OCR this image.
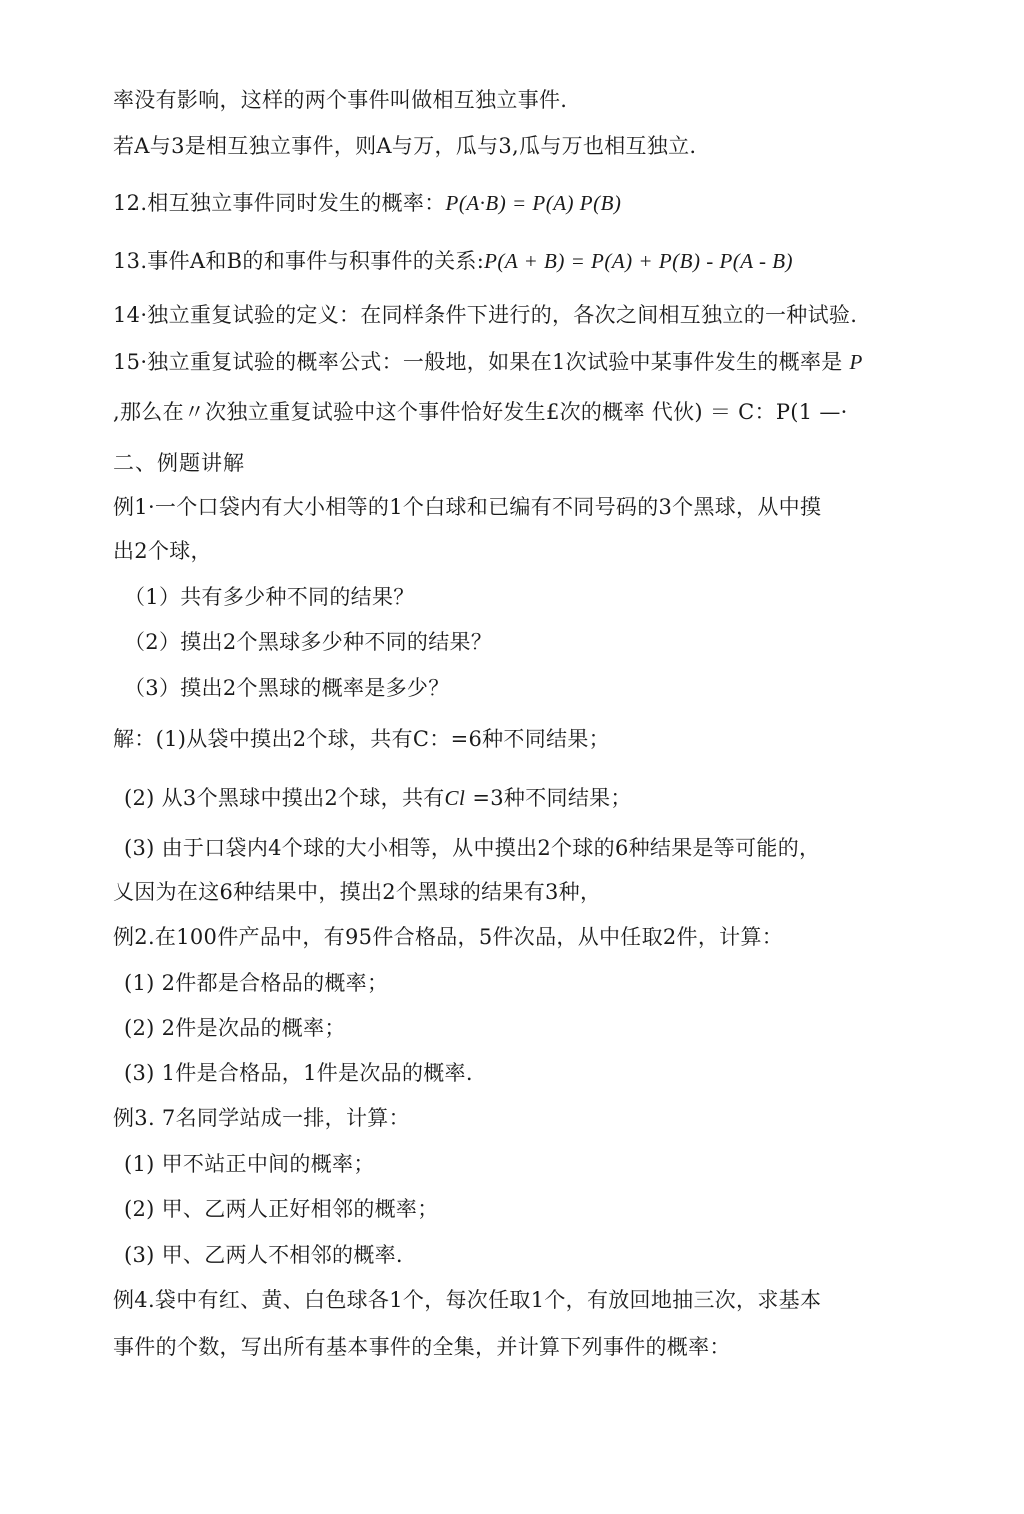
率没有影响，这样的两个事件叫做相互独立事件.
若A与3是相互独立事件，则A与万，瓜与3,瓜与万也相互独立.
12.相互独立事件同时发生的概率：P(A·B) = P(A) P(B)
13.事件A和B的和事件与积事件的关系:P(A + B) = P(A) + P(B) - P(A - B)
14·独立重复试验的定义：在同样条件下进行的，各次之间相互独立的一种试验.
15·独立重复试验的概率公式：一般地，如果在1次试验中某事件发生的概率是 P
,那么在〃次独立重复试验中这个事件恰好发生£次的概率 代伙) ＝ C：P(1 —·
二、例题讲解
例1·一个口袋内有大小相等的1个白球和已编有不同号码的3个黑球，从中摸
出2个球，
（1）共有多少种不同的结果？
（2）摸出2个黑球多少种不同的结果？
（3）摸出2个黑球的概率是多少？
解：(1)从袋中摸出2个球，共有C：=6种不同结果；
(2) 从3个黑球中摸出2个球，共有Cl =3种不同结果；
(3) 由于口袋内4个球的大小相等，从中摸出2个球的6种结果是等可能的，
乂因为在这6种结果中，摸出2个黑球的结果有3种，
例2.在100件产品中，有95件合格品，5件次品，从中任取2件，计算：
(1) 2件都是合格品的概率；
(2) 2件是次品的概率；
(3) 1件是合格品，1件是次品的概率.
例3. 7名同学站成一排，计算：
(1) 甲不站正中间的概率；
(2) 甲、乙两人正好相邻的概率；
(3) 甲、乙两人不相邻的概率.
例4.袋中有红、黄、白色球各1个，每次任取1个，有放回地抽三次，求基本
事件的个数，写出所有基本事件的全集，并计算下列事件的概率：
